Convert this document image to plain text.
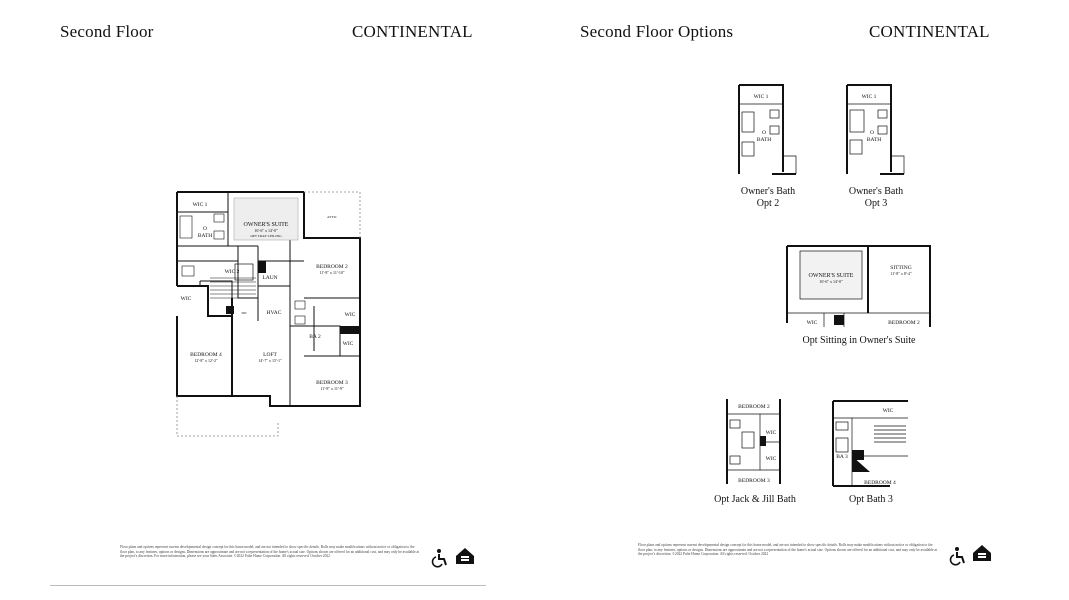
Second Floor	CONTINENTAL
WIC 1
O
BATH
OWNER'S SUITE
16'-6" x 14'-0"
OPT TRAY CEILING
ATTIC
BEDROOM 2
11'-8" x 11'-10"
WIC 2
LAUN
HVAC
WIC
WIC
WIC
BA 2
BEDROOM 4
12'-8" x 12'-2"
LOFT
14'-7" x 15'-1"
BEDROOM 3
11'-8" x 11'-9"
DN
Floor plans and options represent current developmental design concept for this home model, and are not intended to show specific details. Rolls may make modifications without notice or obligation to the floor plan, to any features, options or designs. Dimensions are approximate and are not a representation of the home's actual size. Options shown are offered for an additional cost, and may only be available at the project's discretion. For more information, please see your Sales Associate. ©2022 Pulte Home Corporation. All rights reserved. October 2022
Second Floor Options	CONTINENTAL
WIC 1
O
BATH
Owner's Bath
Opt 2
WIC 1
O
BATH
Owner's Bath
Opt 3
OWNER'S SUITE
16'-6" x 14'-0"
SITTING
11'-8" x 8'-4"
WIC	BEDROOM 2
Opt Sitting in Owner's Suite
BEDROOM 2
WIC
WIC
BEDROOM 3
Opt Jack & Jill Bath
WIC
BA 3
BEDROOM 4
Opt Bath 3
Floor plans and options represent current developmental design concept for this home model, and are not intended to show specific details. Rolls may make modifications without notice or obligation to the floor plan, to any features, options or designs. Dimensions are approximate and are not a representation of the home's actual size. Options shown are offered for an additional cost, and may only be available at the project's discretion. ©2022 Pulte Home Corporation. All rights reserved. October 2022
